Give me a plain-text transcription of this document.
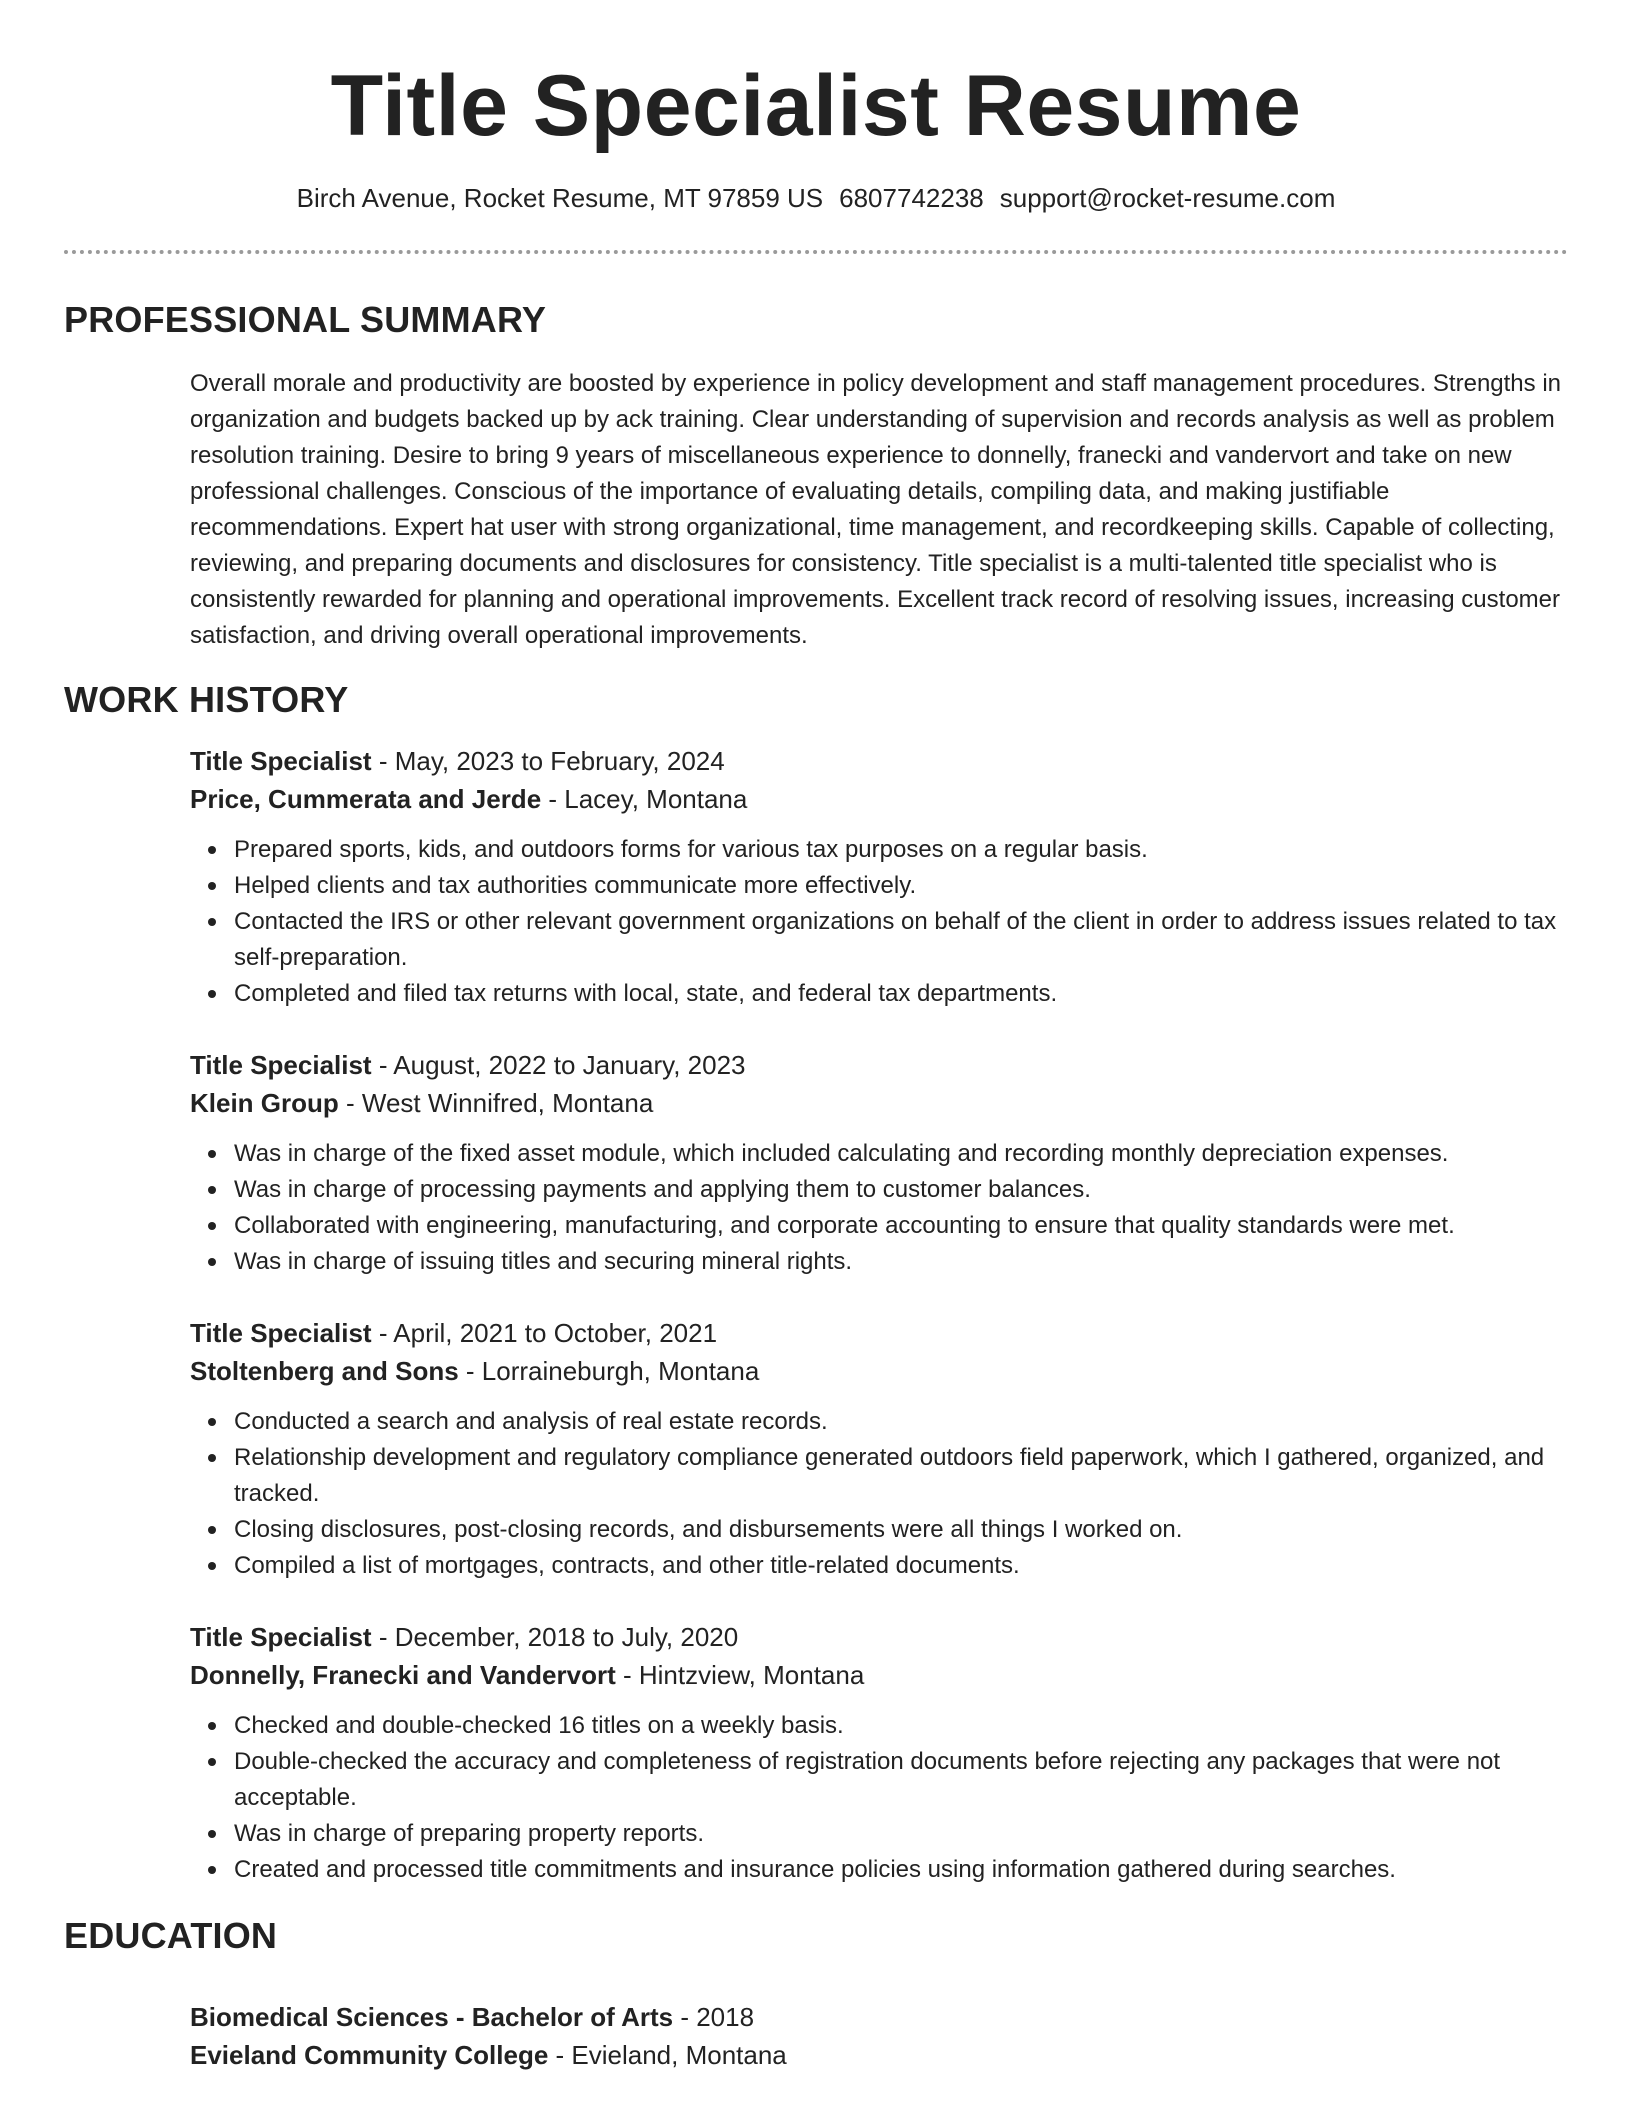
Title Specialist Resume
Birch Avenue, Rocket Resume, MT 97859 US 6807742238 support@rocket-resume.com
PROFESSIONAL SUMMARY
Overall morale and productivity are boosted by experience in policy development and staff management procedures. Strengths in organization and budgets backed up by ack training. Clear understanding of supervision and records analysis as well as problem resolution training. Desire to bring 9 years of miscellaneous experience to donnelly, franecki and vandervort and take on new professional challenges. Conscious of the importance of evaluating details, compiling data, and making justifiable recommendations. Expert hat user with strong organizational, time management, and recordkeeping skills. Capable of collecting, reviewing, and preparing documents and disclosures for consistency. Title specialist is a multi-talented title specialist who is consistently rewarded for planning and operational improvements. Excellent track record of resolving issues, increasing customer satisfaction, and driving overall operational improvements.
WORK HISTORY
Title Specialist - May, 2023 to February, 2024
Price, Cummerata and Jerde - Lacey, Montana
Prepared sports, kids, and outdoors forms for various tax purposes on a regular basis.
Helped clients and tax authorities communicate more effectively.
Contacted the IRS or other relevant government organizations on behalf of the client in order to address issues related to tax self-preparation.
Completed and filed tax returns with local, state, and federal tax departments.
Title Specialist - August, 2022 to January, 2023
Klein Group - West Winnifred, Montana
Was in charge of the fixed asset module, which included calculating and recording monthly depreciation expenses.
Was in charge of processing payments and applying them to customer balances.
Collaborated with engineering, manufacturing, and corporate accounting to ensure that quality standards were met.
Was in charge of issuing titles and securing mineral rights.
Title Specialist - April, 2021 to October, 2021
Stoltenberg and Sons - Lorraineburgh, Montana
Conducted a search and analysis of real estate records.
Relationship development and regulatory compliance generated outdoors field paperwork, which I gathered, organized, and tracked.
Closing disclosures, post-closing records, and disbursements were all things I worked on.
Compiled a list of mortgages, contracts, and other title-related documents.
Title Specialist - December, 2018 to July, 2020
Donnelly, Franecki and Vandervort - Hintzview, Montana
Checked and double-checked 16 titles on a weekly basis.
Double-checked the accuracy and completeness of registration documents before rejecting any packages that were not acceptable.
Was in charge of preparing property reports.
Created and processed title commitments and insurance policies using information gathered during searches.
EDUCATION
Biomedical Sciences - Bachelor of Arts - 2018
Evieland Community College - Evieland, Montana
